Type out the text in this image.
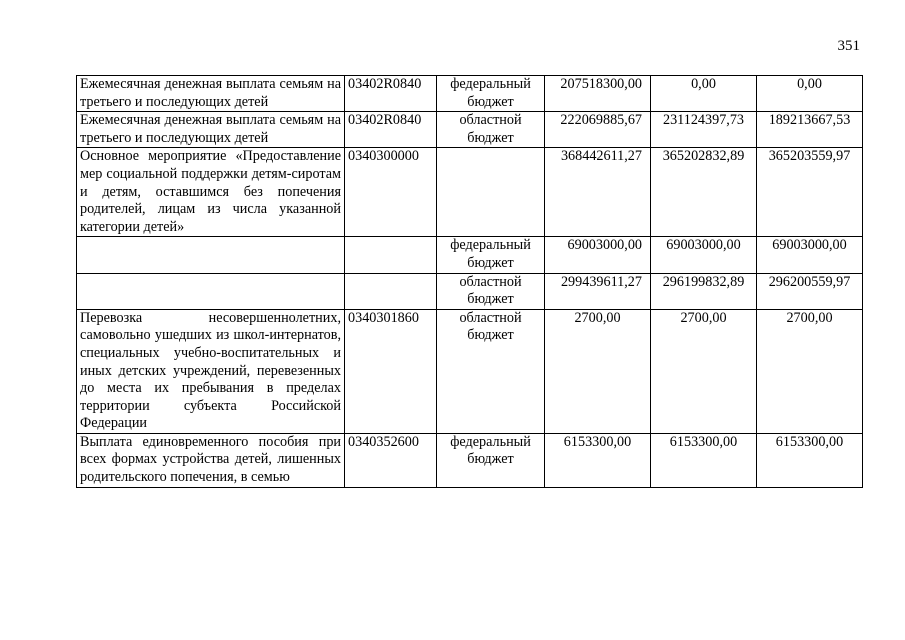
351
Ежемесячная денежная выплата семьям на третьего и последующих детей	03402R0840	федеральный бюджет	207518300,00	0,00	0,00
Ежемесячная денежная выплата семьям на третьего и последующих детей	03402R0840	областной бюджет	222069885,67	231124397,73	189213667,53
Основное мероприятие «Предоставление мер социальной поддержки детям-сиротам и детям, оставшимся без попечения родителей, лицам из числа указанной категории детей»	0340300000		368442611,27	365202832,89	365203559,97
		федеральный бюджет	69003000,00	69003000,00	69003000,00
		областной бюджет	299439611,27	296199832,89	296200559,97
Перевозка несовершеннолетних, самовольно ушедших из школ-интернатов, специальных учебно-воспитательных и иных детских учреждений, перевезенных до места их пребывания в пределах территории субъекта Российской Федерации	0340301860	областной бюджет	2700,00	2700,00	2700,00
Выплата единовременного пособия при всех формах устройства детей, лишенных родительского попечения, в семью	0340352600	федеральный бюджет	6153300,00	6153300,00	6153300,00
